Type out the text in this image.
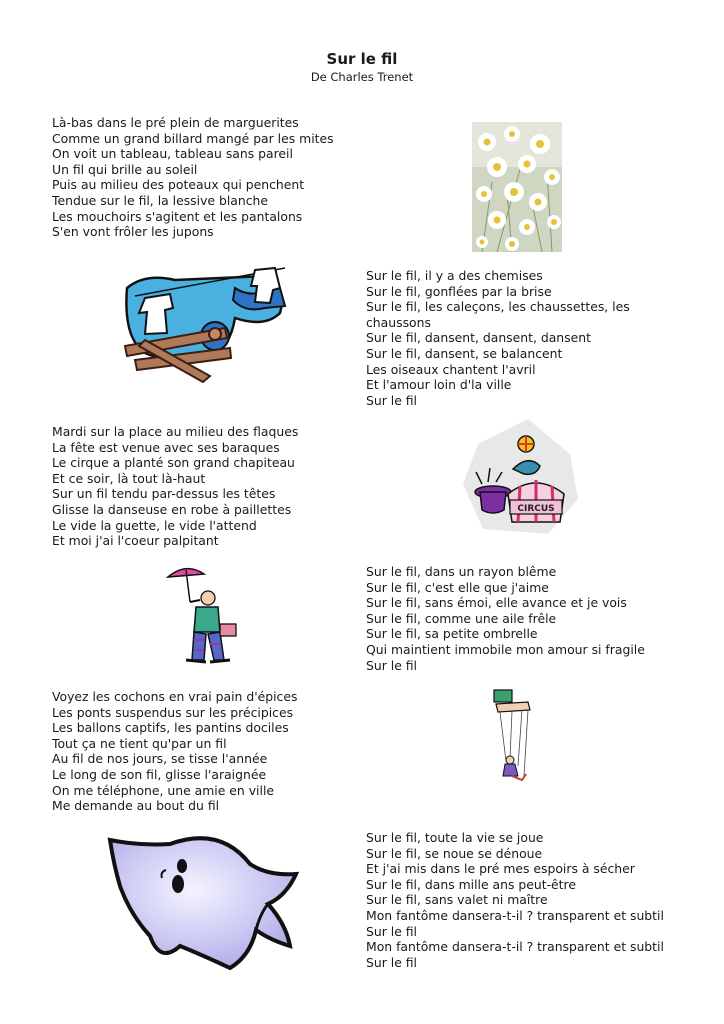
Sur le fil
De Charles Trenet
Là-bas dans le pré plein de marguerites
Comme un grand billard mangé par les mites
On voit un tableau, tableau sans pareil
Un fil qui brille au soleil
Puis au milieu des poteaux qui penchent
Tendue sur le fil, la lessive blanche
Les mouchoirs s'agitent et les pantalons
S'en vont frôler les jupons
Sur le fil, il y a des chemises
Sur le fil, gonflées par la brise
Sur le fil, les caleçons, les chaussettes, les
chaussons
Sur le fil, dansent, dansent, dansent
Sur le fil, dansent, se balancent
Les oiseaux chantent l'avril
Et l'amour loin d'la ville
Sur le fil
Mardi sur la place au milieu des flaques
La fête est venue avec ses baraques
Le cirque a planté son grand chapiteau
Et ce soir, là tout là-haut
Sur un fil tendu par-dessus les têtes
Glisse la danseuse en robe à paillettes
Le vide la guette, le vide l'attend
Et moi j'ai l'coeur palpitant
Sur le fil, dans un rayon blême
Sur le fil, c'est elle que j'aime
Sur le fil, sans émoi, elle avance et je vois
Sur le fil, comme une aile frêle
Sur le fil, sa petite ombrelle
Qui maintient immobile mon amour si fragile
Sur le fil
Voyez les cochons en vrai pain d'épices
Les ponts suspendus sur les précipices
Les ballons captifs, les pantins dociles
Tout ça ne tient qu'par un fil
Au fil de nos jours, se tisse l'année
Le long de son fil, glisse l'araignée
On me téléphone, une amie en ville
Me demande au bout du fil
Sur le fil, toute la vie se joue
Sur le fil, se noue se dénoue
Et j'ai mis dans le pré mes espoirs à sécher
Sur le fil, dans mille ans peut-être
Sur le fil, sans valet ni maître
Mon fantôme dansera-t-il ? transparent et subtil
Sur le fil
Mon fantôme dansera-t-il ? transparent et subtil
Sur le fil
CIRCUS
